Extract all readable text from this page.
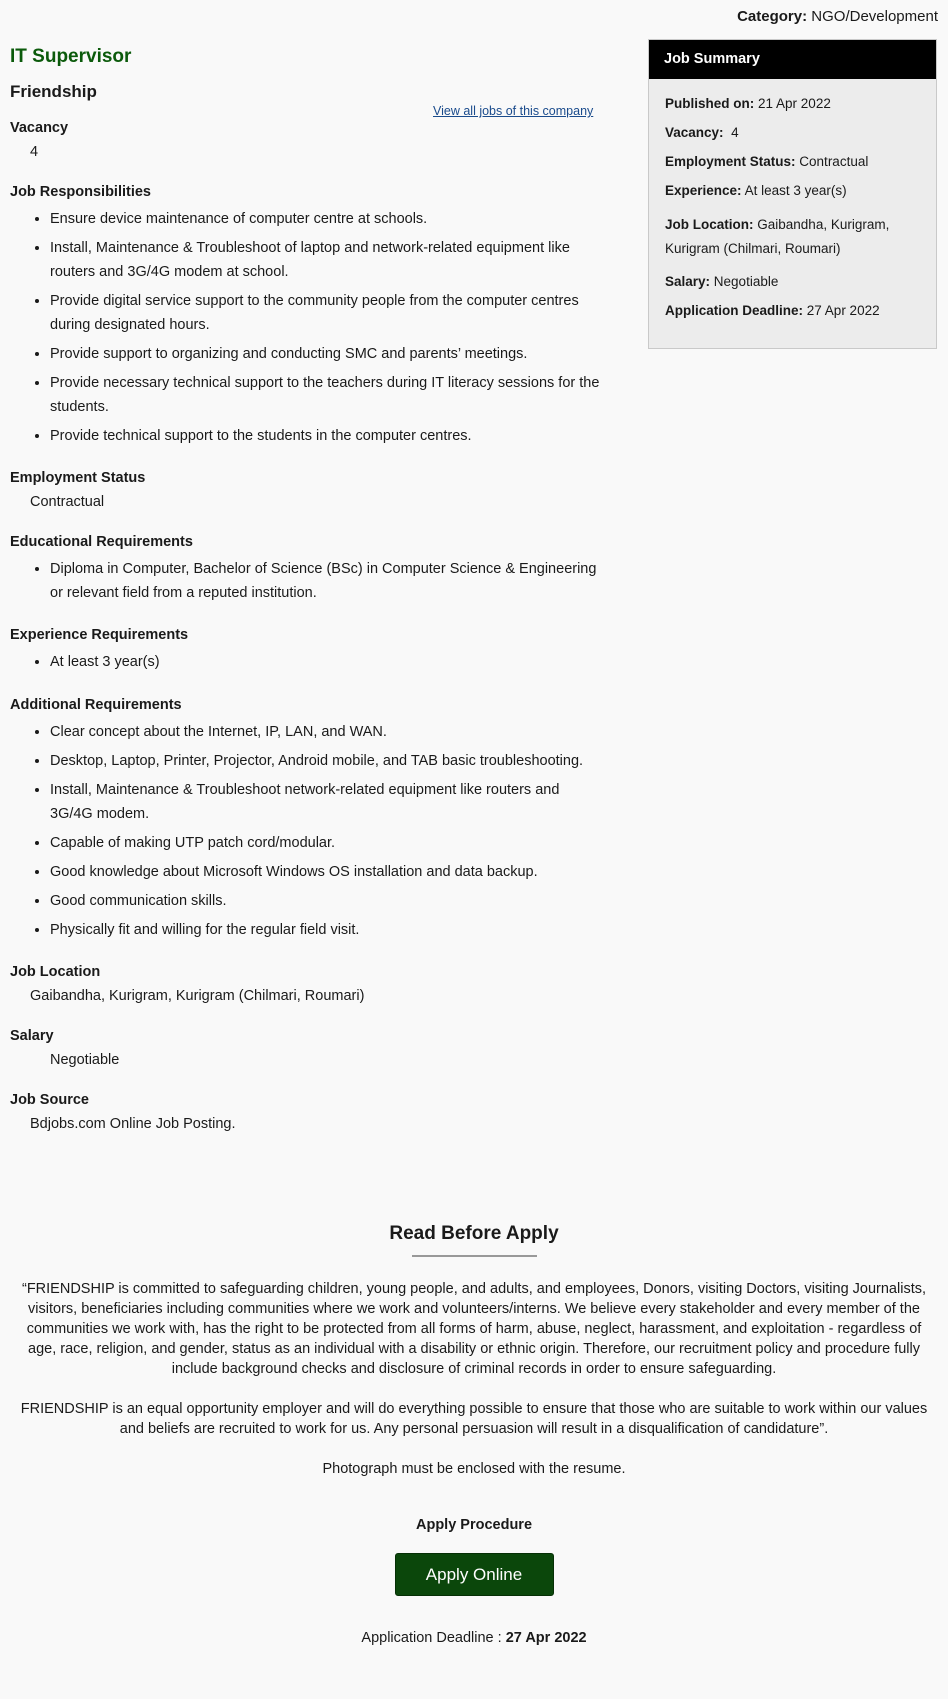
Category: NGO/Development
IT Supervisor
Friendship
View all jobs of this company
Vacancy
4
Job Responsibilities
• Ensure device maintenance of computer centre at schools.
• Install, Maintenance & Troubleshoot of laptop and network-related equipment like routers and 3G/4G modem at school.
• Provide digital service support to the community people from the computer centres during designated hours.
• Provide support to organizing and conducting SMC and parents’ meetings.
• Provide necessary technical support to the teachers during IT literacy sessions for the students.
• Provide technical support to the students in the computer centres.
Employment Status
Contractual
Educational Requirements
• Diploma in Computer, Bachelor of Science (BSc) in Computer Science & Engineering or relevant field from a reputed institution.
Experience Requirements
• At least 3 year(s)
Additional Requirements
• Clear concept about the Internet, IP, LAN, and WAN.
• Desktop, Laptop, Printer, Projector, Android mobile, and TAB basic troubleshooting.
• Install, Maintenance & Troubleshoot network-related equipment like routers and 3G/4G modem.
• Capable of making UTP patch cord/modular.
• Good knowledge about Microsoft Windows OS installation and data backup.
• Good communication skills.
• Physically fit and willing for the regular field visit.
Job Location
Gaibandha, Kurigram, Kurigram (Chilmari, Roumari)
Salary
Negotiable
Job Source
Bdjobs.com Online Job Posting.
Job Summary
Published on: 21 Apr 2022
Vacancy: 4
Employment Status: Contractual
Experience: At least 3 year(s)
Job Location: Gaibandha, Kurigram, Kurigram (Chilmari, Roumari)
Salary: Negotiable
Application Deadline: 27 Apr 2022
Read Before Apply

“FRIENDSHIP is committed to safeguarding children, young people, and adults, and employees, Donors, visiting Doctors, visiting Journalists, visitors, beneficiaries including communities where we work and volunteers/interns. We believe every stakeholder and every member of the communities we work with, has the right to be protected from all forms of harm, abuse, neglect, harassment, and exploitation - regardless of age, race, religion, and gender, status as an individual with a disability or ethnic origin. Therefore, our recruitment policy and procedure fully include background checks and disclosure of criminal records in order to ensure safeguarding.

FRIENDSHIP is an equal opportunity employer and will do everything possible to ensure that those who are suitable to work within our values and beliefs are recruited to work for us. Any personal persuasion will result in a disqualification of candidature”.

Photograph must be enclosed with the resume.

Apply Procedure
Apply Online
Application Deadline : 27 Apr 2022
